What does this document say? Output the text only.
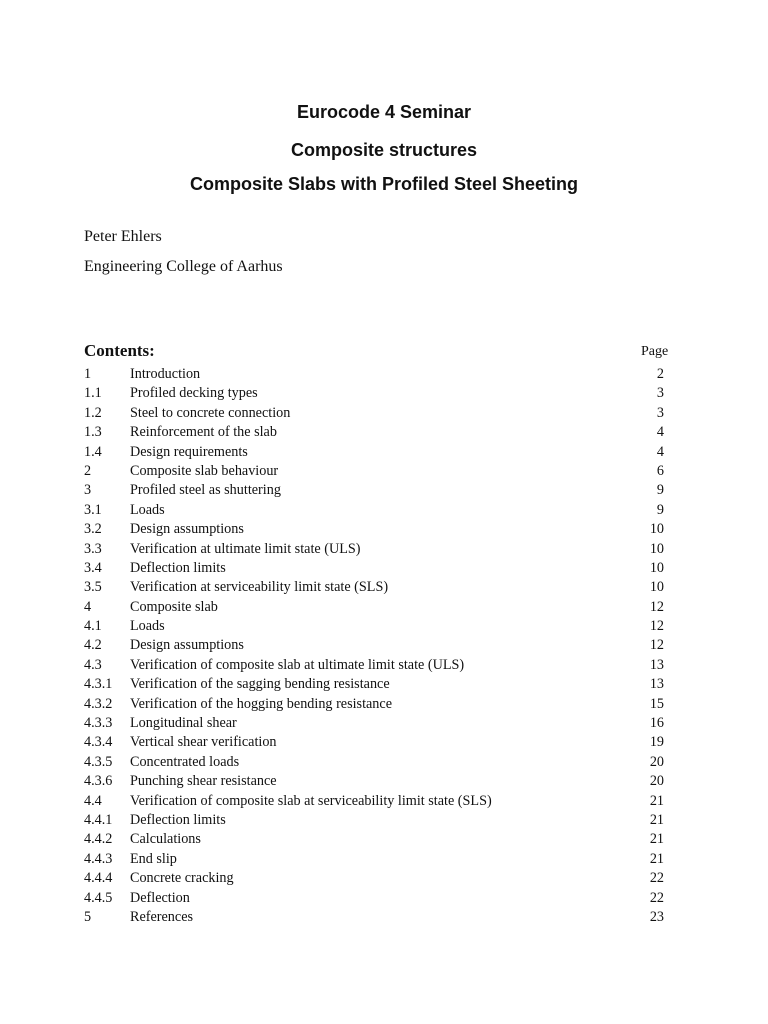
Eurocode 4 Seminar
Composite structures
Composite Slabs with Profiled Steel Sheeting

Peter Ehlers

Engineering College of Aarhus

Contents:	Page
1	Introduction	2
1.1 Profiled decking types	3
1.2 Steel to concrete connection	3
1.3 Reinforcement of the slab	4
1.4 Design requirements	4
2	Composite slab behaviour	6
3	Profiled steel as shuttering	9
3.1 Loads	9
3.2 Design assumptions	10
3.3 Verification at ultimate limit state (ULS)	10
3.4 Deflection limits	10
3.5 Verification at serviceability limit state (SLS)	10
4	Composite slab	12
4.1 Loads	12
4.2 Design assumptions	12
4.3 Verification of composite slab at ultimate limit state (ULS)	13
4.3.1 Verification of the sagging bending resistance	13
4.3.2 Verification of the hogging bending resistance	15
4.3.3 Longitudinal shear	16
4.3.4 Vertical shear verification	19
4.3.5 Concentrated loads	20
4.3.6 Punching shear resistance	20
4.4 Verification of composite slab at serviceability limit state (SLS)	21
4.4.1 Deflection limits	21
4.4.2 Calculations	21
4.4.3 End slip	21
4.4.4 Concrete cracking	22
4.4.5 Deflection	22
5	References	23
